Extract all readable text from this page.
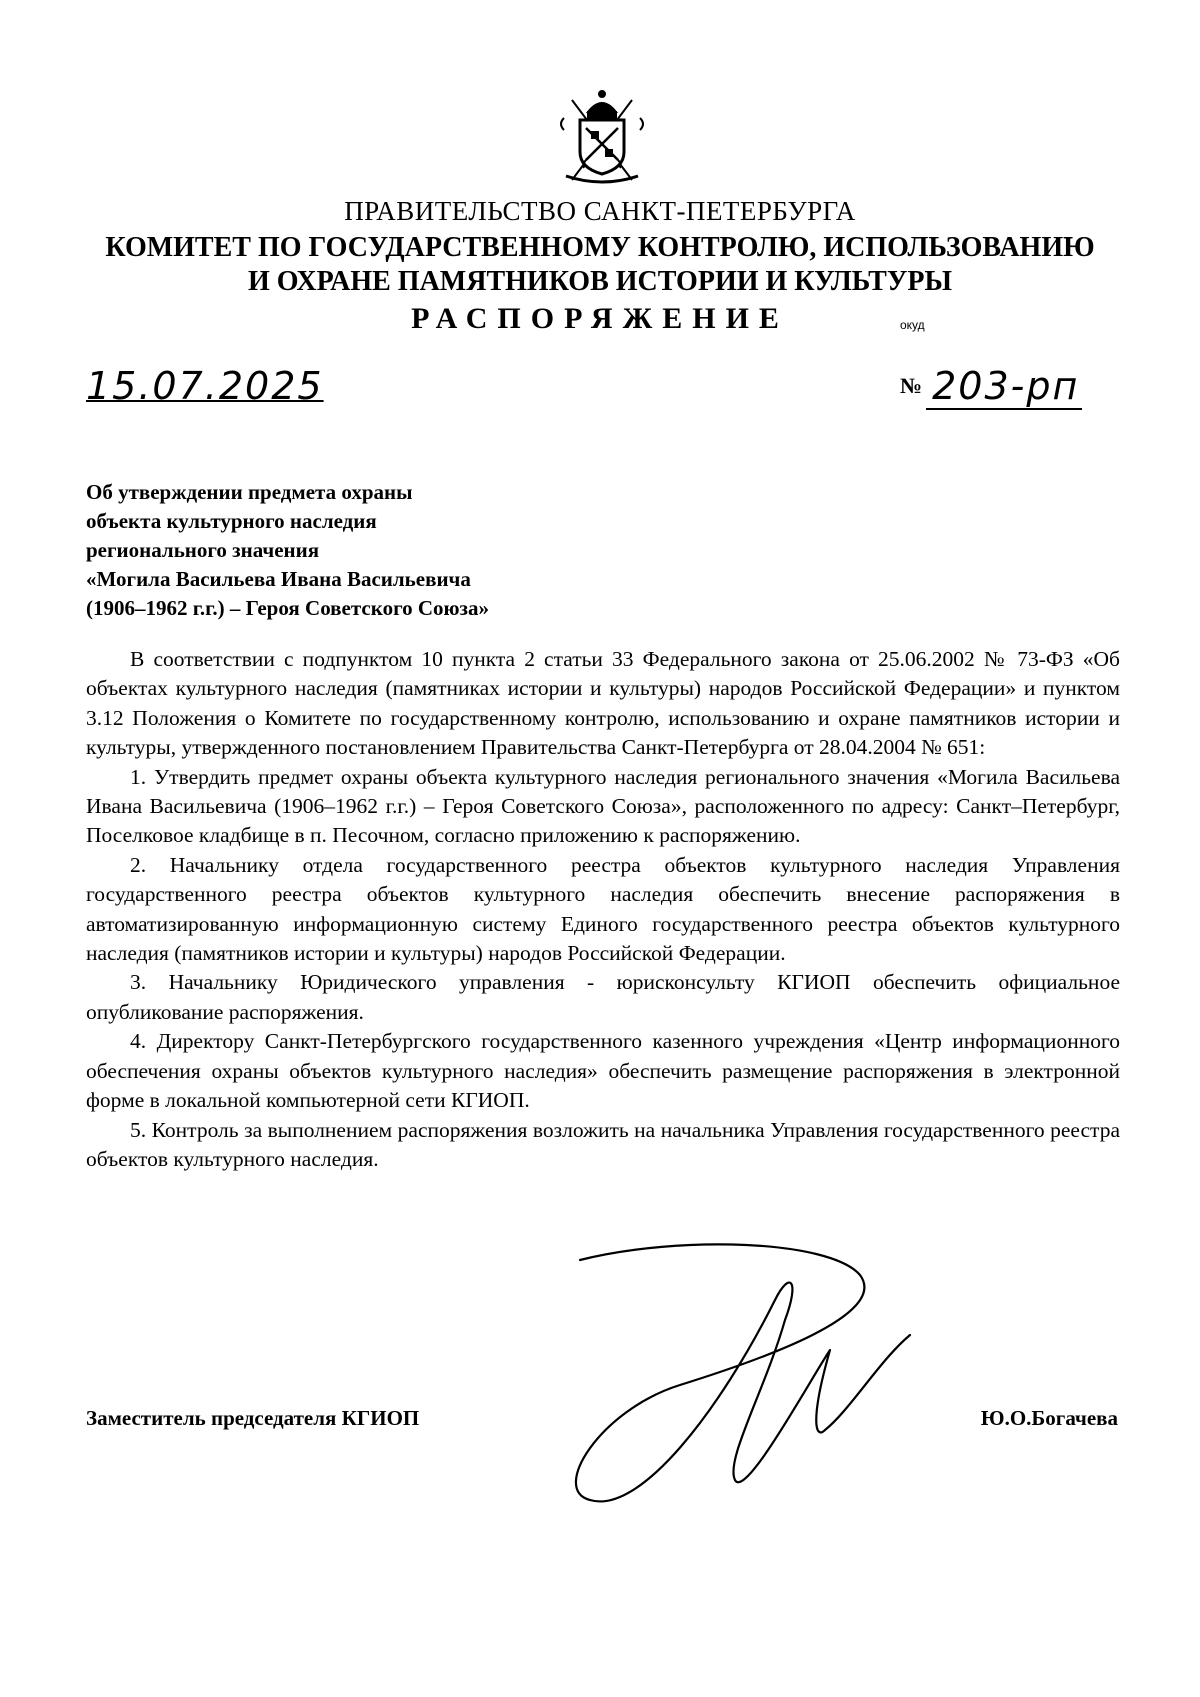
ПРАВИТЕЛЬСТВО САНКТ-ПЕТЕРБУРГА
КОМИТЕТ ПО ГОСУДАРСТВЕННОМУ КОНТРОЛЮ, ИСПОЛЬЗОВАНИЮ
И ОХРАНЕ ПАМЯТНИКОВ ИСТОРИИ И КУЛЬТУРЫ
РАСПОРЯЖЕНИЕ	окуд
15.07.2025	№ 203-рп
Об утверждении предмета охраны
объекта культурного наследия
регионального значения
«Могила Васильева Ивана Васильевича
(1906–1962 г.г.) – Героя Советского Союза»

В соответствии с подпунктом 10 пункта 2 статьи 33 Федерального закона от 25.06.2002 № 73-ФЗ «Об объектах культурного наследия (памятниках истории и культуры) народов Российской Федерации» и пунктом 3.12 Положения о Комитете по государственному контролю, использованию и охране памятников истории и культуры, утвержденного постановлением Правительства Санкт-Петербурга от 28.04.2004 № 651:

1. Утвердить предмет охраны объекта культурного наследия регионального значения «Могила Васильева Ивана Васильевича (1906–1962 г.г.) – Героя Советского Союза», расположенного по адресу: Санкт–Петербург, Поселковое кладбище в п. Песочном, согласно приложению к распоряжению.

2. Начальнику отдела государственного реестра объектов культурного наследия Управления государственного реестра объектов культурного наследия обеспечить внесение распоряжения в автоматизированную информационную систему Единого государственного реестра объектов культурного наследия (памятников истории и культуры) народов Российской Федерации.

3. Начальнику Юридического управления - юрисконсульту КГИОП обеспечить официальное опубликование распоряжения.

4. Директору Санкт-Петербургского государственного казенного учреждения «Центр информационного обеспечения охраны объектов культурного наследия» обеспечить размещение распоряжения в электронной форме в локальной компьютерной сети КГИОП.

5. Контроль за выполнением распоряжения возложить на начальника Управления государственного реестра объектов культурного наследия.

Заместитель председателя КГИОП	Ю.О.Богачева
